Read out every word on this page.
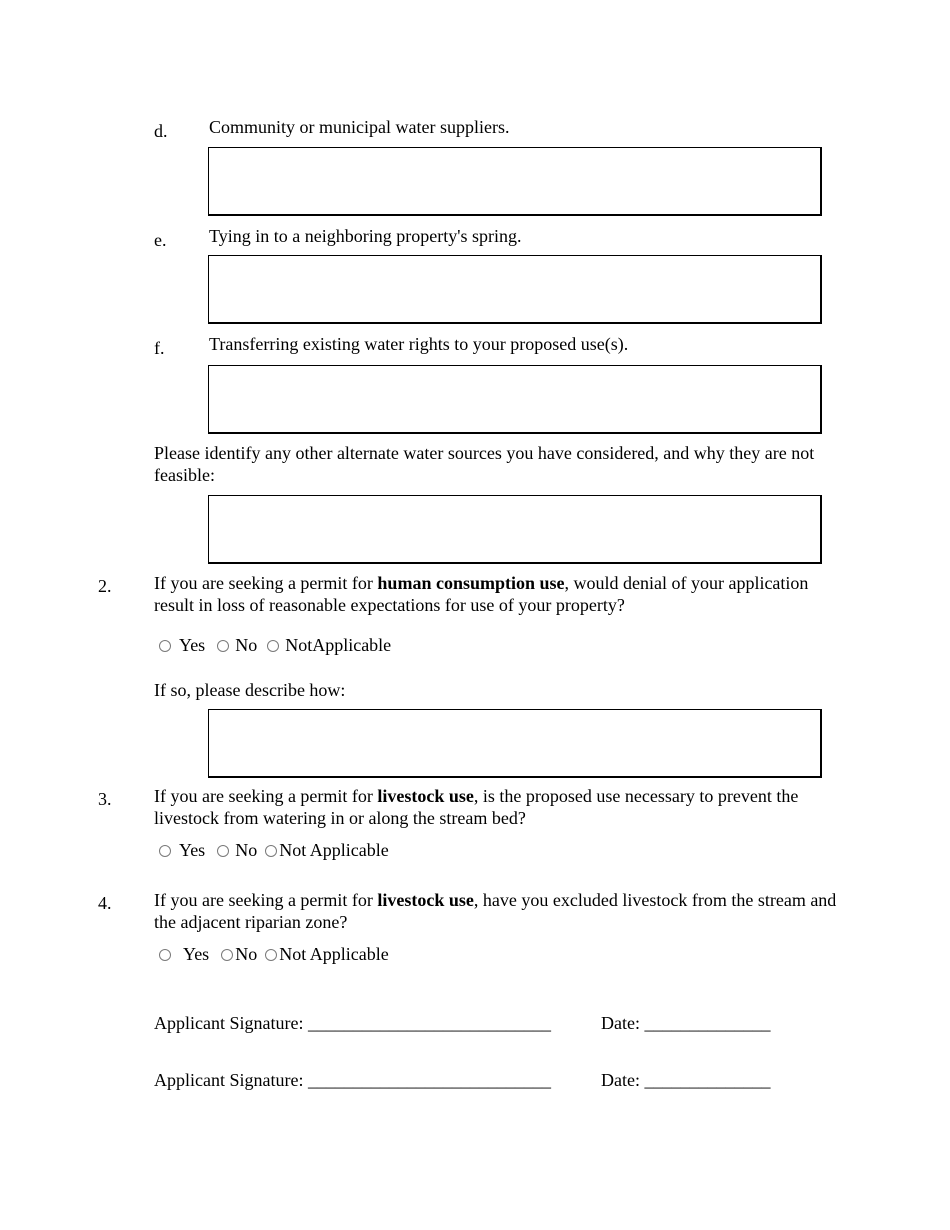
d. Community or municipal water suppliers.
e. Tying in to a neighboring property's spring.
f. Transferring existing water rights to your proposed use(s).
Please identify any other alternate water sources you have considered, and why they are not feasible:
2. If you are seeking a permit for human consumption use, would denial of your application result in loss of reasonable expectations for use of your property?
Yes No NotApplicable
If so, please describe how:
3. If you are seeking a permit for livestock use, is the proposed use necessary to prevent the livestock from watering in or along the stream bed?
Yes No Not Applicable
4. If you are seeking a permit for livestock use, have you excluded livestock from the stream and the adjacent riparian zone?
Yes No Not Applicable
Applicant Signature: ___________________________	Date: ______________
Applicant Signature: ___________________________	Date: ______________
